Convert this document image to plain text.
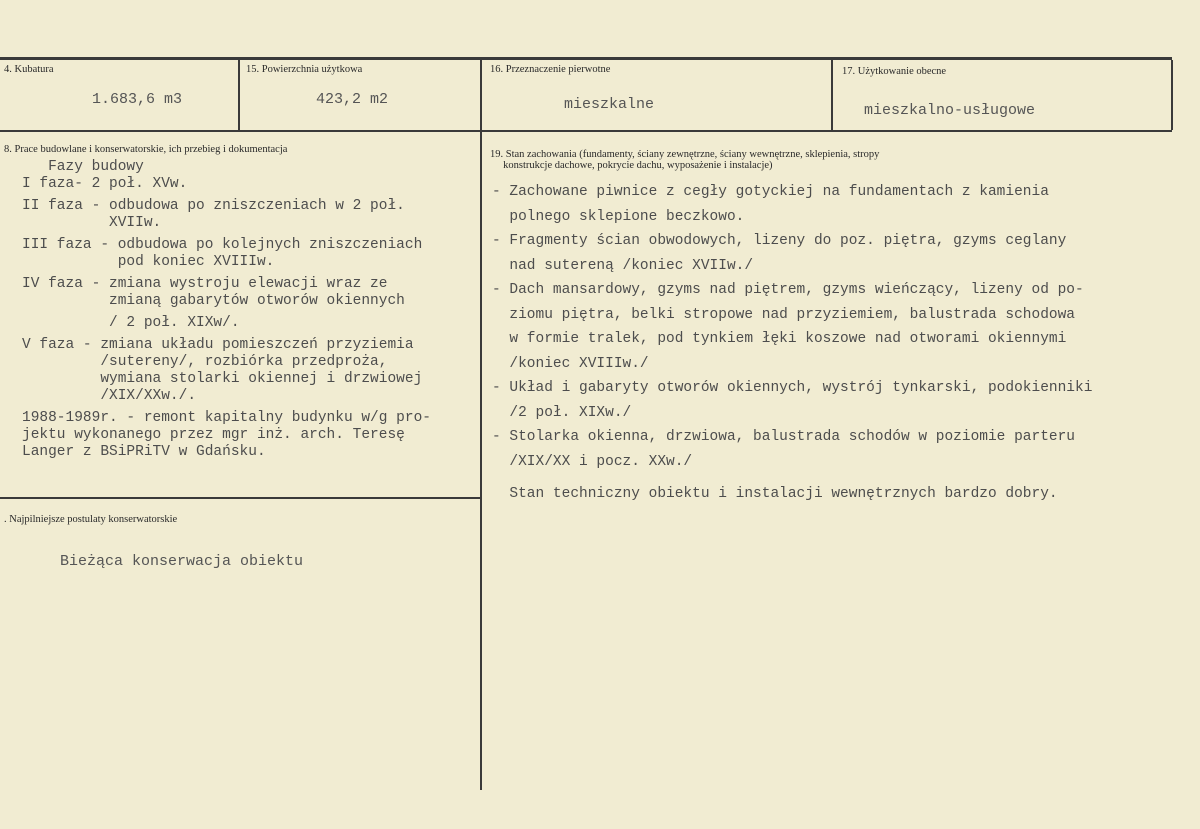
4. Kubatura
1.683,6 m3
15. Powierzchnia użytkowa
423,2 m2
16. Przeznaczenie pierwotne
mieszkalne
17. Użytkowanie obecne
mieszkalno-usługowe
8. Prace budowlane i konserwatorskie, ich przebieg i dokumentacja
Fazy budowy
I faza- 2 poł. XVw.
II faza - odbudowa po zniszczeniach w 2 poł.
XVIIw.
III faza - odbudowa po kolejnych zniszczeniach
pod koniec XVIIIw.
IV faza - zmiana wystroju elewacji wraz ze
zmianą gabarytów otworów okiennych
/ 2 poł. XIXw/.
V faza - zmiana układu pomieszczeń przyziemia
/sutereny/, rozbiórka przedproża,
wymiana stolarki okiennej i drzwiowej
/XIX/XXw./.
1988-1989r. - remont kapitalny budynku w/g pro-
jektu wykonanego przez mgr inż. arch. Teresę
Langer z BSiPRiTV w Gdańsku.
. Najpilniejsze postulaty konserwatorskie
Bieżąca konserwacja obiektu
19. Stan zachowania (fundamenty, ściany zewnętrzne, ściany wewnętrzne, sklepienia, stropy
konstrukcje dachowe, pokrycie dachu, wyposażenie i instalacje)
- Zachowane piwnice z cegły gotyckiej na fundamentach z kamienia
polnego sklepione beczkowo.
- Fragmenty ścian obwodowych, lizeny do poz. piętra, gzyms ceglany
nad sutereną /koniec XVIIw./
- Dach mansardowy, gzyms nad piętrem, gzyms wieńczący, lizeny od po-
ziomu piętra, belki stropowe nad przyziemiem, balustrada schodowa
w formie tralek, pod tynkiem łęki koszowe nad otworami okiennymi
/koniec XVIIIw./
- Układ i gabaryty otworów okiennych, wystrój tynkarski, podokienniki
/2 poł. XIXw./
- Stolarka okienna, drzwiowa, balustrada schodów w poziomie parteru
/XIX/XX i pocz. XXw./
Stan techniczny obiektu i instalacji wewnętrznych bardzo dobry.
